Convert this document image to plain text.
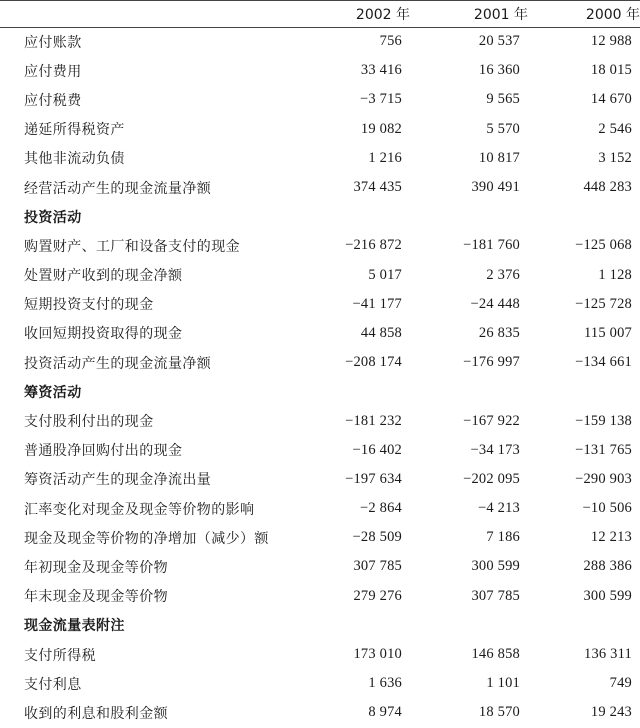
	2002 年	2001 年	2000 年
应付账款	756	20 537	12 988
应付费用	33 416	16 360	18 015
应付税费	−3 715	9 565	14 670
递延所得税资产	19 082	5 570	2 546
其他非流动负债	1 216	10 817	3 152
经营活动产生的现金流量净额	374 435	390 491	448 283
投资活动			
购置财产、工厂和设备支付的现金	−216 872	−181 760	−125 068
处置财产收到的现金净额	5 017	2 376	1 128
短期投资支付的现金	−41 177	−24 448	−125 728
收回短期投资取得的现金	44 858	26 835	115 007
投资活动产生的现金流量净额	−208 174	−176 997	−134 661
筹资活动			
支付股利付出的现金	−181 232	−167 922	−159 138
普通股净回购付出的现金	−16 402	−34 173	−131 765
筹资活动产生的现金净流出量	−197 634	−202 095	−290 903
汇率变化对现金及现金等价物的影响	−2 864	−4 213	−10 506
现金及现金等价物的净增加（减少）额	−28 509	7 186	12 213
年初现金及现金等价物	307 785	300 599	288 386
年末现金及现金等价物	279 276	307 785	300 599
现金流量表附注			
支付所得税	173 010	146 858	136 311
支付利息	1 636	1 101	749
收到的利息和股利金额	8 974	18 570	19 243
